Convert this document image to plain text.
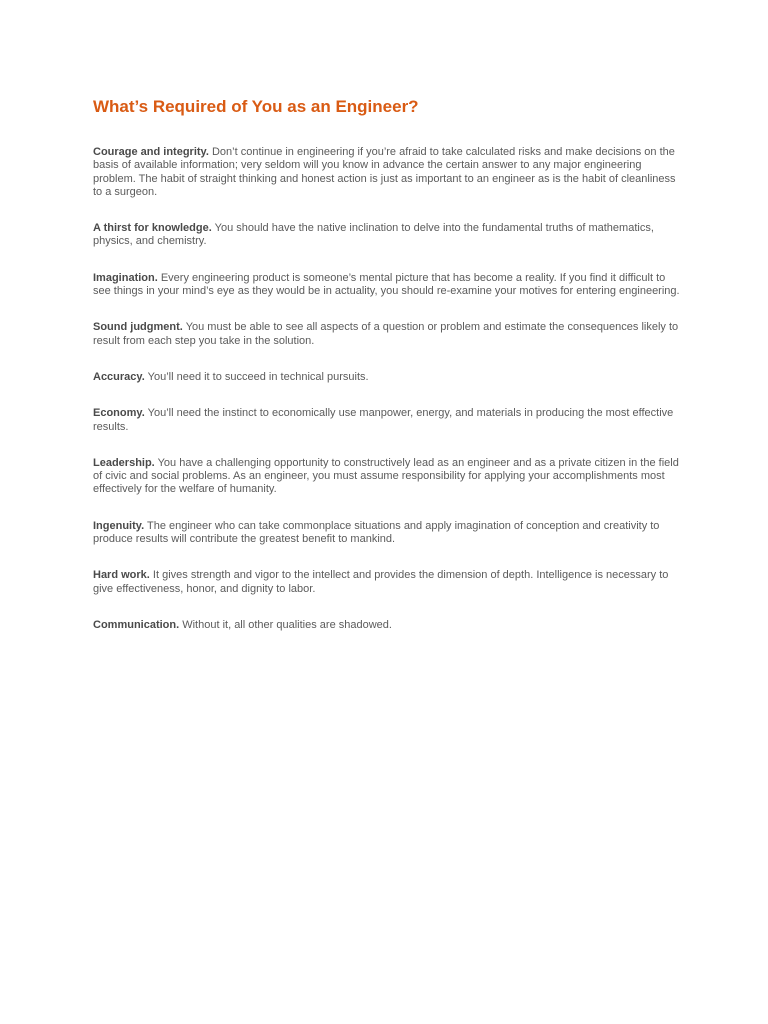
What’s Required of You as an Engineer?

Courage and integrity. Don’t continue in engineering if you’re afraid to take calculated risks and make decisions on the basis of available information; very seldom will you know in advance the certain answer to any major engineering problem. The habit of straight thinking and honest action is just as important to an engineer as is the habit of cleanliness to a surgeon.

A thirst for knowledge. You should have the native inclination to delve into the fundamental truths of mathematics, physics, and chemistry.

Imagination. Every engineering product is someone’s mental picture that has become a reality. If you find it difficult to see things in your mind’s eye as they would be in actuality, you should re-examine your motives for entering engineering.

Sound judgment. You must be able to see all aspects of a question or problem and estimate the consequences likely to result from each step you take in the solution.

Accuracy. You’ll need it to succeed in technical pursuits.

Economy. You’ll need the instinct to economically use manpower, energy, and materials in producing the most effective results.

Leadership. You have a challenging opportunity to constructively lead as an engineer and as a private citizen in the field of civic and social problems. As an engineer, you must assume responsibility for applying your accomplishments most effectively for the welfare of humanity.

Ingenuity. The engineer who can take commonplace situations and apply imagination of conception and creativity to produce results will contribute the greatest benefit to mankind.

Hard work. It gives strength and vigor to the intellect and provides the dimension of depth. Intelligence is necessary to give effectiveness, honor, and dignity to labor.

Communication. Without it, all other qualities are shadowed.
